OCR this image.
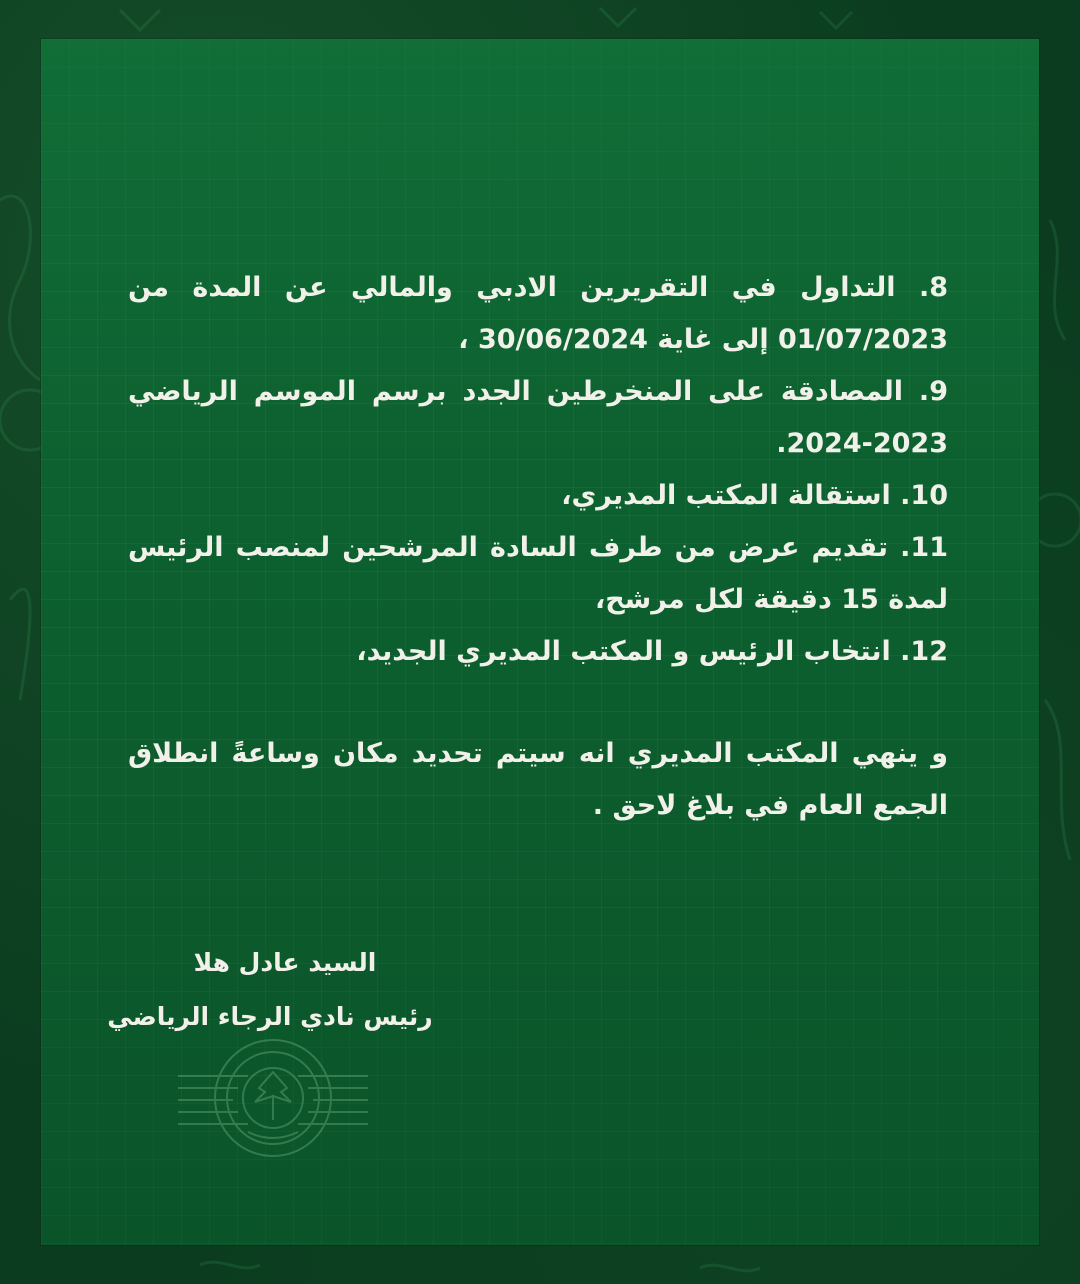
8. التداول في التقريرين الادبي والمالي عن المدة من 01/07/2023 إلى غاية 30/06/2024 ،
9. المصادقة على المنخرطين الجدد برسم الموسم الرياضي 2023-2024.
10. استقالة المكتب المديري،
11. تقديم عرض من طرف السادة المرشحين لمنصب الرئيس لمدة 15 دقيقة لكل مرشح،
12. انتخاب الرئيس و المكتب المديري الجديد،

و ينهي المكتب المديري انه سيتم تحديد مكان وساعةً انطلاق الجمع العام في بلاغ لاحق .

السيد عادل هلا
رئيس نادي الرجاء الرياضي
